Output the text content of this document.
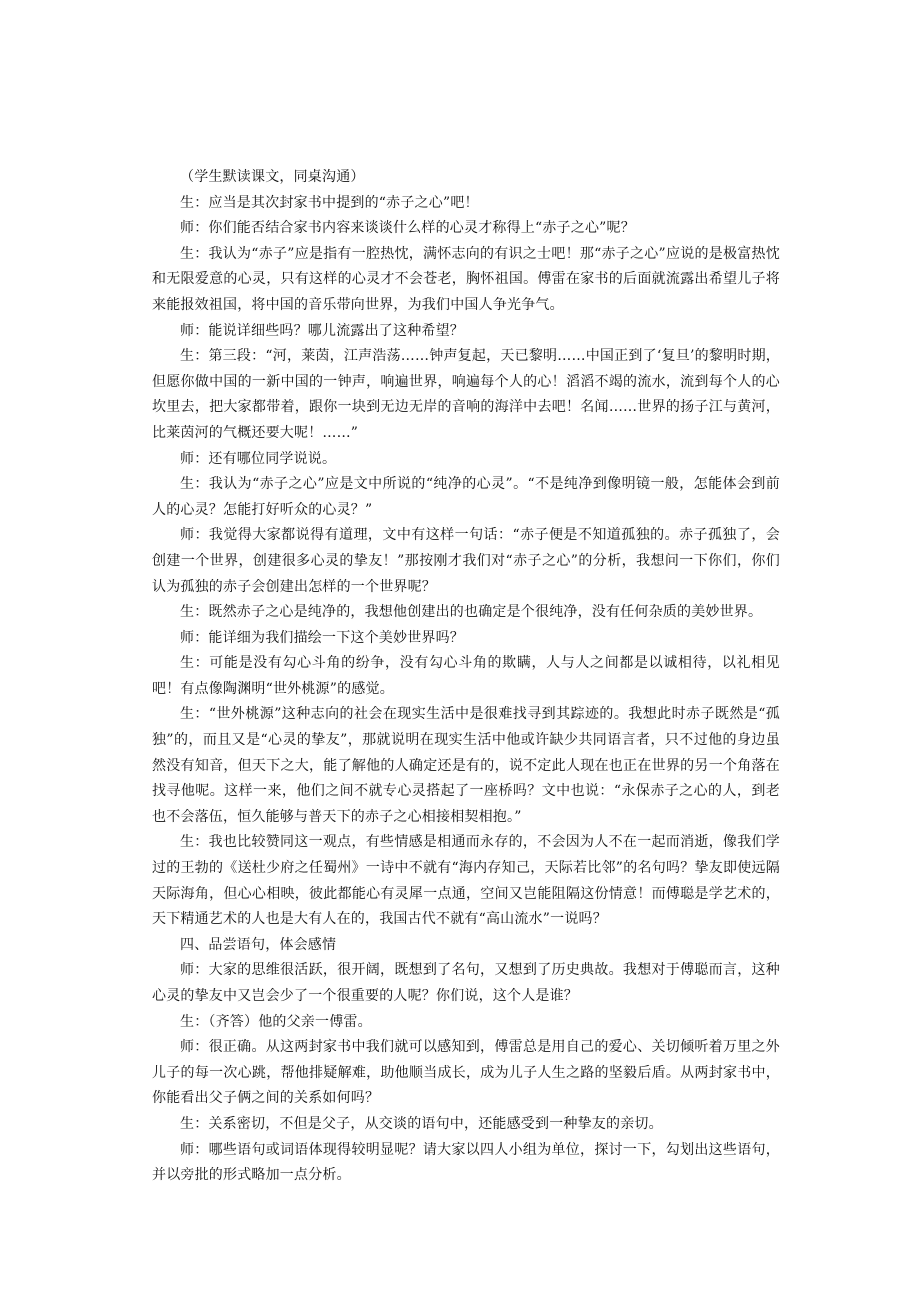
（学生默读课文，同桌沟通）

生：应当是其次封家书中提到的“赤子之心”吧！

师：你们能否结合家书内容来谈谈什么样的心灵才称得上“赤子之心”呢？

生：我认为“赤子”应是指有一腔热忱，满怀志向的有识之士吧！那“赤子之心”应说的是极富热忱和无限爱意的心灵，只有这样的心灵才不会苍老，胸怀祖国。傅雷在家书的后面就流露出希望儿子将来能报效祖国，将中国的音乐带向世界，为我们中国人争光争气。

师：能说详细些吗？哪儿流露出了这种希望？

生：第三段：“河，莱茵，江声浩荡……钟声复起，天已黎明……中国正到了‘复旦’的黎明时期，但愿你做中国的一新中国的一钟声，响遍世界，响遍每个人的心！滔滔不竭的流水，流到每个人的心坎里去，把大家都带着，跟你一块到无边无岸的音响的海洋中去吧！名闻……世界的扬子江与黄河，比莱茵河的气概还要大呢！……”

师：还有哪位同学说说。

生：我认为“赤子之心”应是文中所说的“纯净的心灵”。“不是纯净到像明镜一般，怎能体会到前人的心灵？怎能打好听众的心灵？”

师：我觉得大家都说得有道理，文中有这样一句话：“赤子便是不知道孤独的。赤子孤独了，会创建一个世界，创建很多心灵的挚友！”那按刚才我们对“赤子之心”的分析，我想问一下你们，你们认为孤独的赤子会创建出怎样的一个世界呢？

生：既然赤子之心是纯净的，我想他创建出的也确定是个很纯净，没有任何杂质的美妙世界。

师：能详细为我们描绘一下这个美妙世界吗？

生：可能是没有勾心斗角的纷争，没有勾心斗角的欺瞒，人与人之间都是以诚相待，以礼相见吧！有点像陶渊明“世外桃源”的感觉。

生：“世外桃源”这种志向的社会在现实生活中是很难找寻到其踪迹的。我想此时赤子既然是“孤独”的，而且又是“心灵的挚友”，那就说明在现实生活中他或许缺少共同语言者，只不过他的身边虽然没有知音，但天下之大，能了解他的人确定还是有的，说不定此人现在也正在世界的另一个角落在找寻他呢。这样一来，他们之间不就专心灵搭起了一座桥吗？文中也说：“永保赤子之心的人，到老也不会落伍，恒久能够与普天下的赤子之心相接相契相抱。”

生：我也比较赞同这一观点，有些情感是相通而永存的，不会因为人不在一起而消逝，像我们学过的王勃的《送杜少府之任蜀州》一诗中不就有“海内存知己，天际若比邻”的名句吗？挚友即使远隔天际海角，但心心相映，彼此都能心有灵犀一点通，空间又岂能阻隔这份情意！而傅聪是学艺术的，天下精通艺术的人也是大有人在的，我国古代不就有“高山流水”一说吗？

四、品尝语句，体会感情

师：大家的思维很活跃，很开阔，既想到了名句，又想到了历史典故。我想对于傅聪而言，这种心灵的挚友中又岂会少了一个很重要的人呢？你们说，这个人是谁？

生：（齐答）他的父亲一傅雷。

师：很正确。从这两封家书中我们就可以感知到，傅雷总是用自己的爱心、关切倾听着万里之外儿子的每一次心跳，帮他排疑解难，助他顺当成长，成为儿子人生之路的坚毅后盾。从两封家书中，你能看出父子俩之间的关系如何吗？

生：关系密切，不但是父子，从交谈的语句中，还能感受到一种挚友的亲切。

师：哪些语句或词语体现得较明显呢？请大家以四人小组为单位，探讨一下，勾划出这些语句，并以旁批的形式略加一点分析。
